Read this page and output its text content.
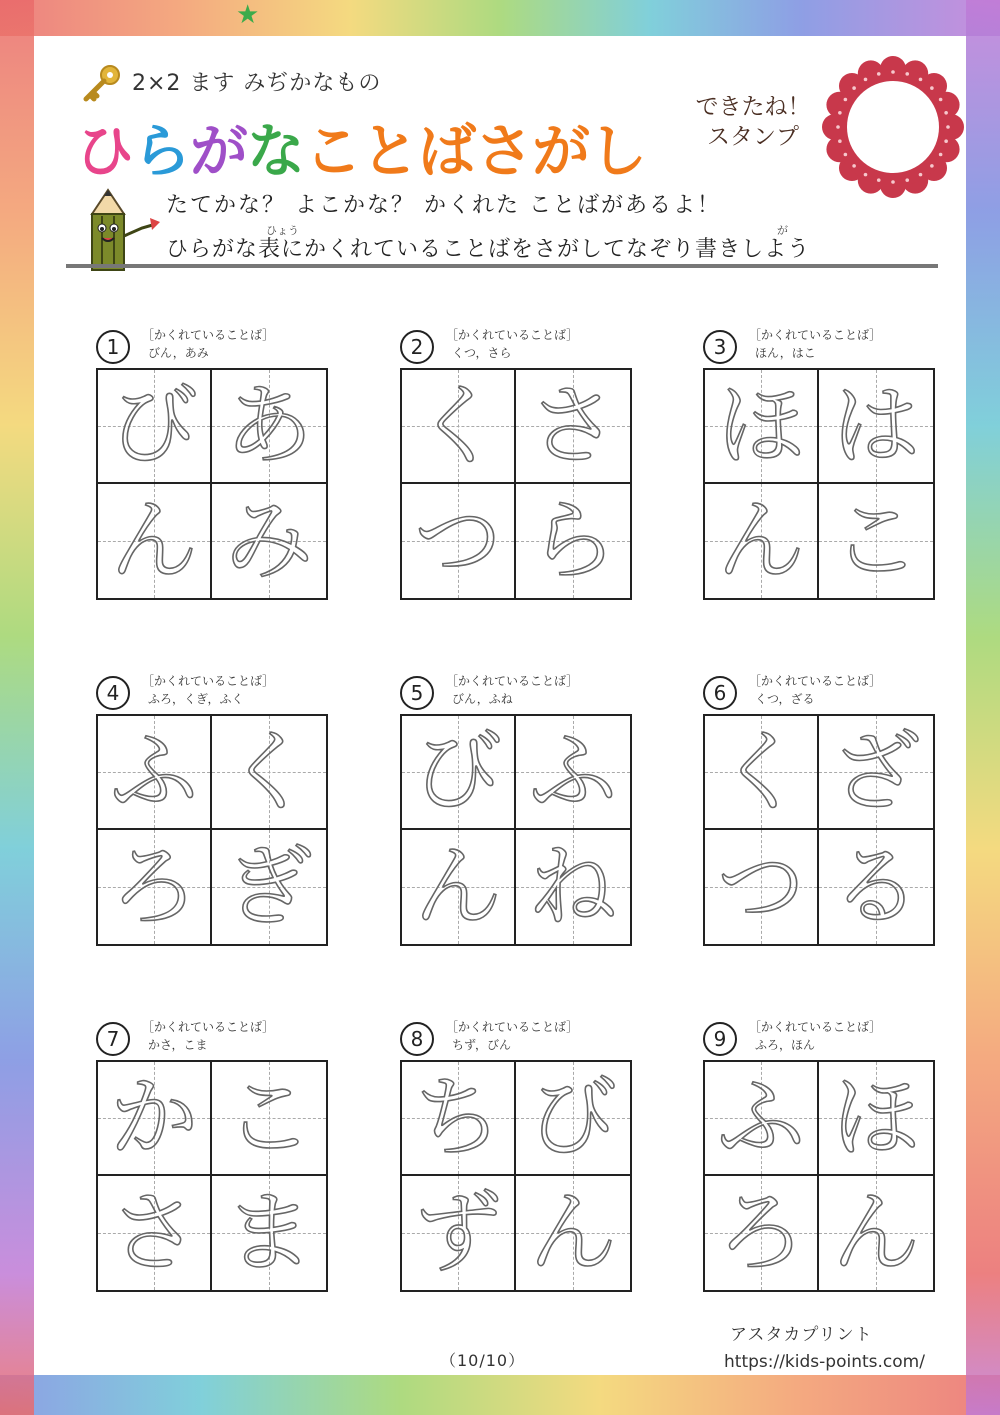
★
2×2 ます みぢかなもの
ひらがなことばさがし
できたね！
スタンプ
たてかな？ よこかな？ かくれた ことばがあるよ！
ひょう	が
ひらがな表にかくれていることばをさがしてなぞり書きしよう
1	［かくれていることば］
びん，あみ
び あ
ん み
2	［かくれていることば］
くつ，さら
く さ
つ ら
3	［かくれていることば］
ほん，はこ
ほ は
ん こ
4	［かくれていることば］
ふろ，くぎ，ふく
ふ く
ろ ぎ
5	［かくれていることば］
びん，ふね
び ふ
ん ね
6	［かくれていることば］
くつ，ざる
く ざ
つ る
7	［かくれていることば］
かさ，こま
か こ
さ ま
8	［かくれていることば］
ちず，びん
ち び
ず ん
9	［かくれていることば］
ふろ，ほん
ふ ほ
ろ ん
（10/10）
アスタカプリント
https://kids-points.com/
